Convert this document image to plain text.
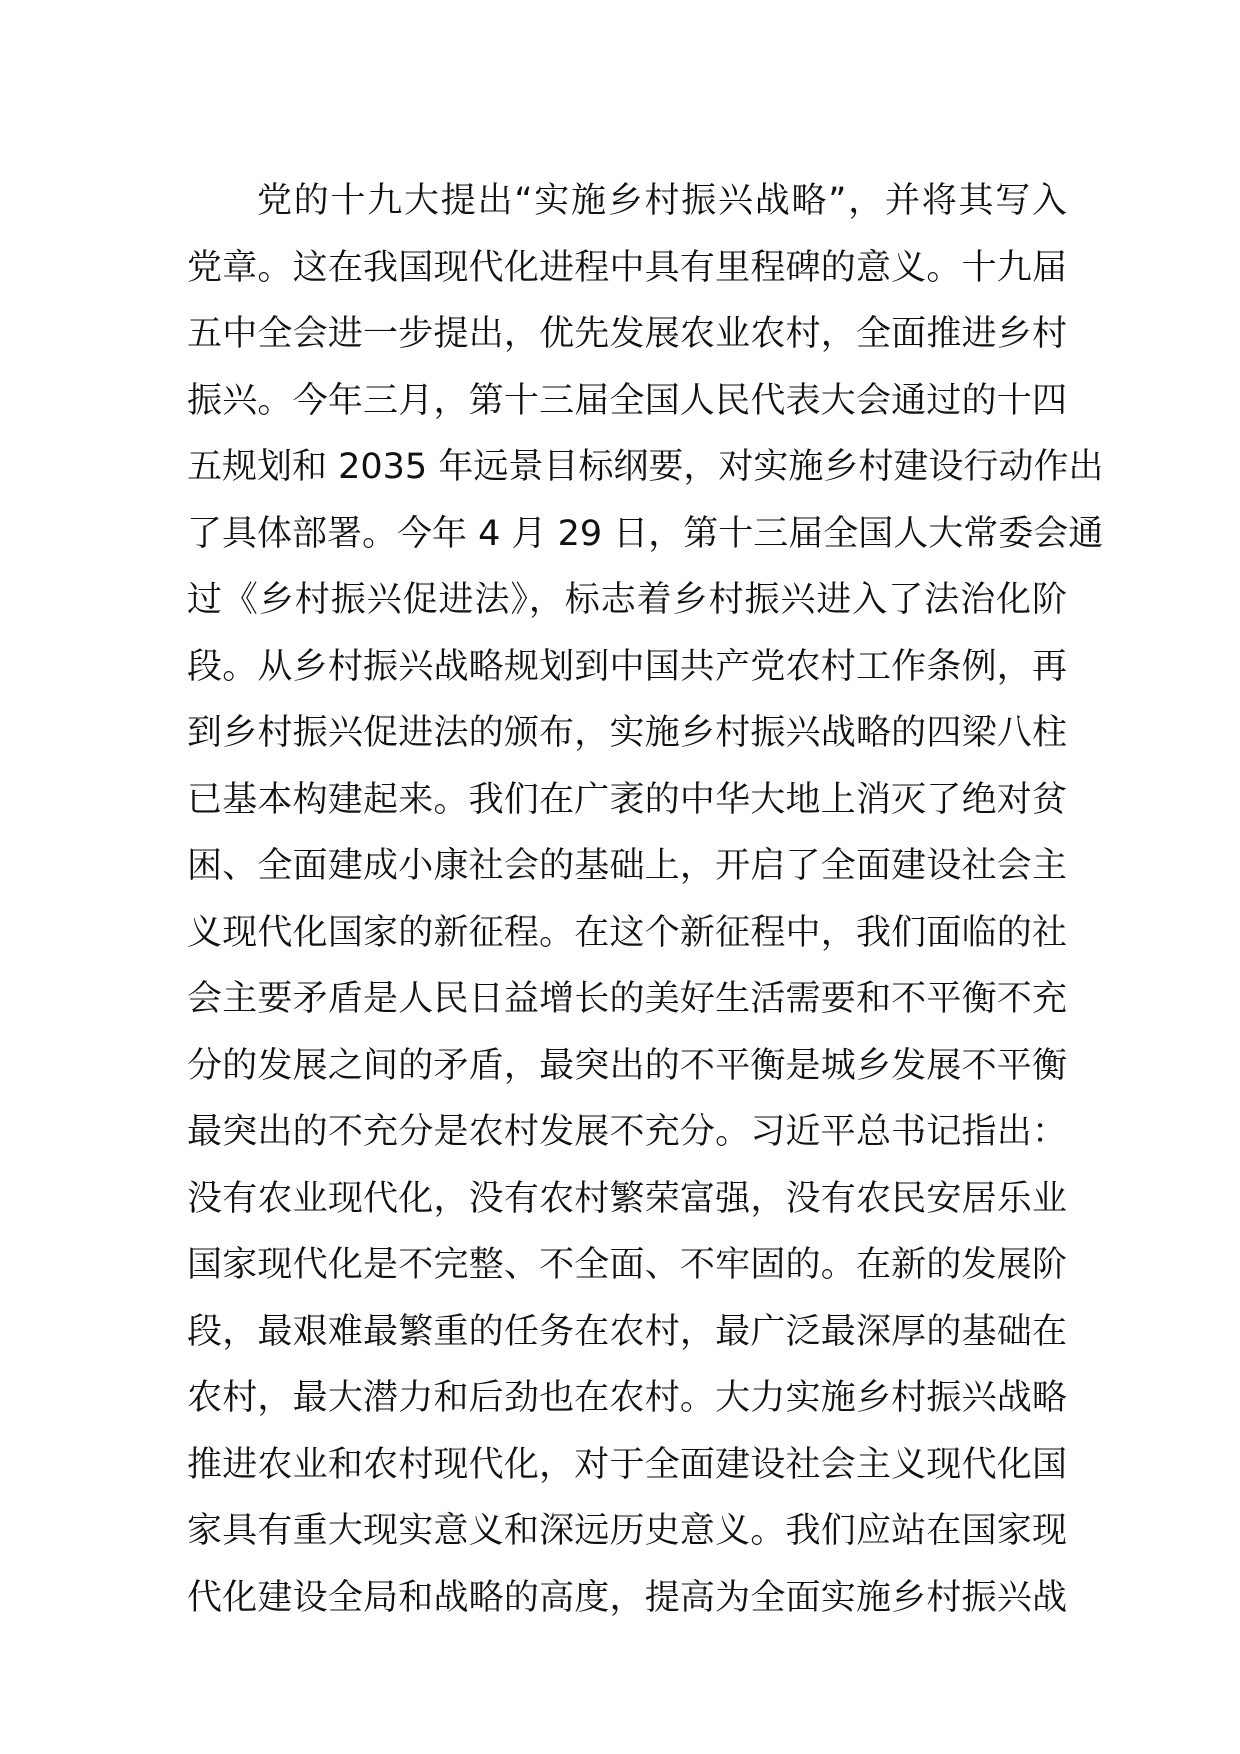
党的十九大提出“实施乡村振兴战略”，并将其写入
党章。这在我国现代化进程中具有里程碑的意义。十九届
五中全会进一步提出，优先发展农业农村，全面推进乡村
振兴。今年三月，第十三届全国人民代表大会通过的十四
五规划和 2035 年远景目标纲要，对实施乡村建设行动作出
了具体部署。今年 4 月 29 日，第十三届全国人大常委会通
过《乡村振兴促进法》，标志着乡村振兴进入了法治化阶
段。从乡村振兴战略规划到中国共产党农村工作条例，再
到乡村振兴促进法的颁布，实施乡村振兴战略的四梁八柱
已基本构建起来。我们在广袤的中华大地上消灭了绝对贫
困、全面建成小康社会的基础上，开启了全面建设社会主
义现代化国家的新征程。在这个新征程中，我们面临的社
会主要矛盾是人民日益增长的美好生活需要和不平衡不充
分的发展之间的矛盾，最突出的不平衡是城乡发展不平衡
最突出的不充分是农村发展不充分。习近平总书记指出：
没有农业现代化，没有农村繁荣富强，没有农民安居乐业
国家现代化是不完整、不全面、不牢固的。在新的发展阶
段，最艰难最繁重的任务在农村，最广泛最深厚的基础在
农村，最大潜力和后劲也在农村。大力实施乡村振兴战略
推进农业和农村现代化，对于全面建设社会主义现代化国
家具有重大现实意义和深远历史意义。我们应站在国家现
代化建设全局和战略的高度，提高为全面实施乡村振兴战
